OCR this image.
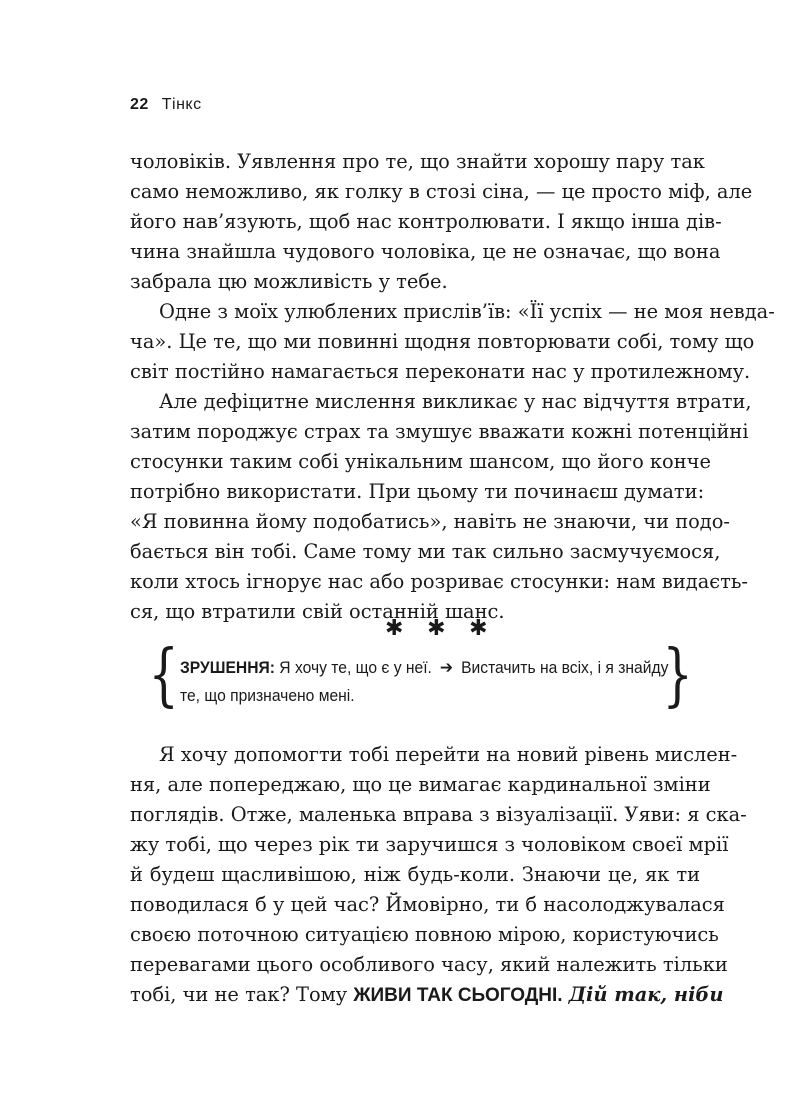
22 Тінкс
чоловіків. Уявлення про те, що знайти хорошу пару так
само неможливо, як голку в стозі сіна, — це просто міф, але
його нав’язують, щоб нас контролювати. І якщо інша дів-
чина знайшла чудового чоловіка, це не означає, що вона
забрала цю можливість у тебе.
Одне з моїх улюблених прислів’їв: «Її успіх — не моя невда-
ча». Це те, що ми повинні щодня повторювати собі, тому що
світ постійно намагається переконати нас у протилежному.
Але дефіцитне мислення викликає у нас відчуття втрати,
затим породжує страх та змушує вважати кожні потенційні
стосунки таким собі унікальним шансом, що його конче
потрібно використати. При цьому ти починаєш думати:
«Я повинна йому подобатись», навіть не знаючи, чи подо-
бається він тобі. Саме тому ми так сильно засмучуємося,
коли хтось ігнорує нас або розриває стосунки: нам видаєть-
ся, що втратили свій останній шанс.
✱ ✱ ✱
{	}
ЗРУШЕННЯ: Я хочу те, що є у неї. ➔ Вистачить на всіх, і я знайду
те, що призначено мені.
Я хочу допомогти тобі перейти на новий рівень мислен-
ня, але попереджаю, що це вимагає кардинальної зміни
поглядів. Отже, маленька вправа з візуалізації. Уяви: я ска-
жу тобі, що через рік ти заручишся з чоловіком своєї мрії
й будеш щасливішою, ніж будь-коли. Знаючи це, як ти
поводилася б у цей час? Ймовірно, ти б насолоджувалася
своєю поточною ситуацією повною мірою, користуючись
перевагами цього особливого часу, який належить тільки
тобі, чи не так? Тому ЖИВИ ТАК СЬОГОДНІ. Дій так, ніби
